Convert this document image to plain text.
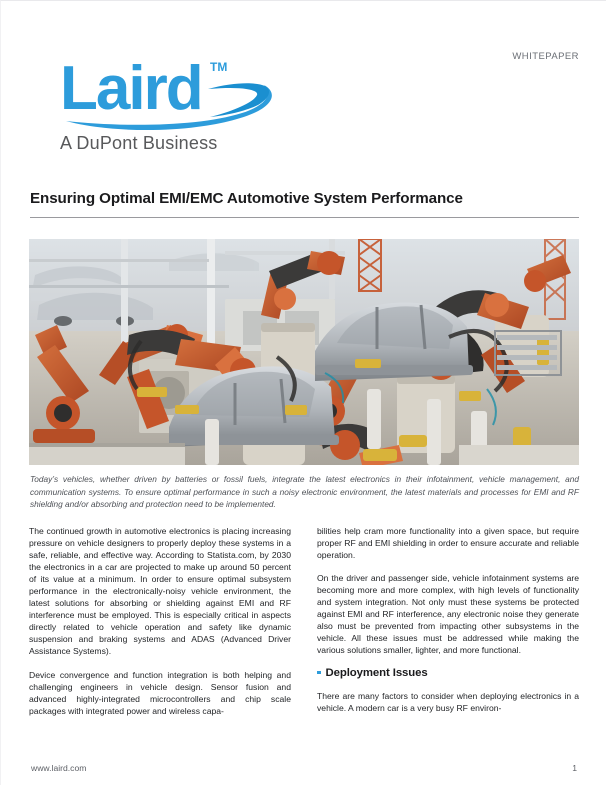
Laird TM
A DuPont Business
WHITEPAPER
Ensuring Optimal EMI/EMC Automotive System Performance
Today’s vehicles, whether driven by batteries or fossil fuels, integrate the latest electronics in their infotainment, vehicle management, and communication systems. To ensure optimal performance in such a noisy electronic environment, the latest materials and processes for EMI and RF shielding and/or absorbing and protection need to be implemented.

The continued growth in automotive electronics is placing increasing pressure on vehicle designers to properly deploy these systems in a safe, reliable, and effective way. According to Statista.com, by 2030 the electronics in a car are projected to make up around 50 percent of its value at a minimum. In order to ensure optimal subsystem performance in the electronically-noisy vehicle environment, the latest solutions for absorbing or shielding against EMI and RF interference must be employed. This is especially critical in aspects directly related to vehicle operation and safety like dynamic suspension and braking systems and ADAS (Advanced Driver Assistance Systems).

Device convergence and function integration is both helping and challenging engineers in vehicle design. Sensor fusion and advanced highly-integrated microcontrollers and chip scale packages with integrated power and wireless capa-

bilities help cram more functionality into a given space, but require proper RF and EMI shielding in order to ensure accurate and reliable operation.

On the driver and passenger side, vehicle infotainment systems are becoming more and more complex, with high levels of functionality and system integration. Not only must these systems be protected against EMI and RF interference, any electronic noise they generate also must be prevented from impacting other subsystems in the vehicle. All these issues must be addressed while making the various solutions smaller, lighter, and more functional.

Deployment Issues

There are many factors to consider when deploying electronics in a vehicle. A modern car is a very busy RF environ-

www.laird.com	1
